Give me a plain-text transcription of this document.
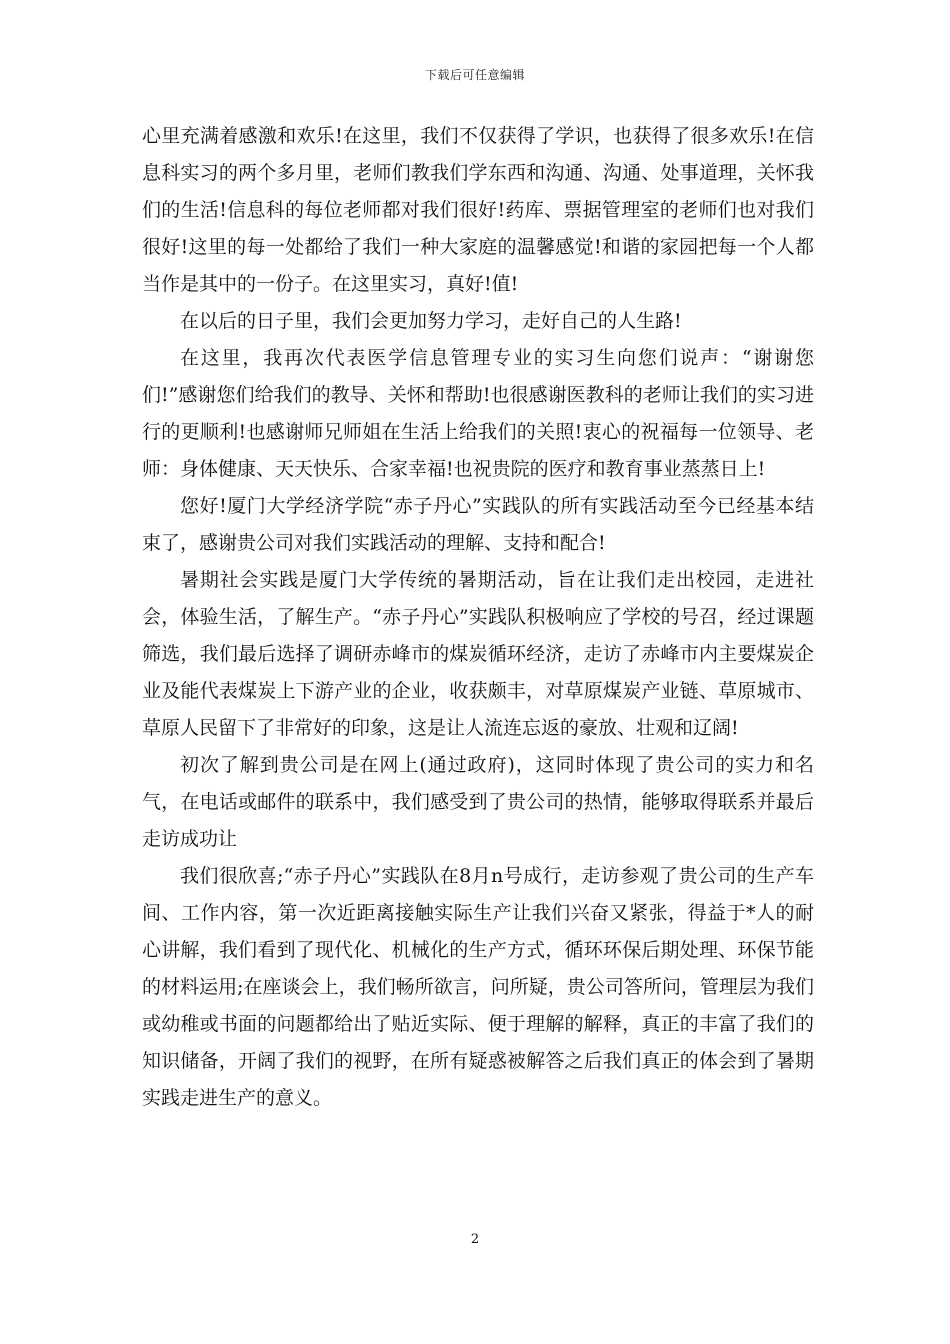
下载后可任意编辑

心里充满着感激和欢乐!在这里，我们不仅获得了学识，也获得了很多欢乐!在信息科实习的两个多月里，老师们教我们学东西和沟通、沟通、处事道理，关怀我们的生活!信息科的每位老师都对我们很好!药库、票据管理室的老师们也对我们很好!这里的每一处都给了我们一种大家庭的温馨感觉!和谐的家园把每一个人都当作是其中的一份子。在这里实习，真好!值!

在以后的日子里，我们会更加努力学习，走好自己的人生路!

在这里，我再次代表医学信息管理专业的实习生向您们说声：“谢谢您们!”感谢您们给我们的教导、关怀和帮助!也很感谢医教科的老师让我们的实习进行的更顺利!也感谢师兄师姐在生活上给我们的关照!衷心的祝福每一位领导、老师：身体健康、天天快乐、合家幸福!也祝贵院的医疗和教育事业蒸蒸日上!

您好!厦门大学经济学院“赤子丹心”实践队的所有实践活动至今已经基本结束了，感谢贵公司对我们实践活动的理解、支持和配合!

暑期社会实践是厦门大学传统的暑期活动，旨在让我们走出校园，走进社会，体验生活，了解生产。“赤子丹心”实践队积极响应了学校的号召，经过课题筛选，我们最后选择了调研赤峰市的煤炭循环经济，走访了赤峰市内主要煤炭企业及能代表煤炭上下游产业的企业，收获颇丰，对草原煤炭产业链、草原城市、草原人民留下了非常好的印象，这是让人流连忘返的豪放、壮观和辽阔!

初次了解到贵公司是在网上(通过政府)，这同时体现了贵公司的实力和名气，在电话或邮件的联系中，我们感受到了贵公司的热情，能够取得联系并最后走访成功让

我们很欣喜;“赤子丹心”实践队在8月n号成行，走访参观了贵公司的生产车间、工作内容，第一次近距离接触实际生产让我们兴奋又紧张，得益于*人的耐心讲解，我们看到了现代化、机械化的生产方式，循环环保后期处理、环保节能的材料运用;在座谈会上，我们畅所欲言，问所疑，贵公司答所问，管理层为我们或幼稚或书面的问题都给出了贴近实际、便于理解的解释，真正的丰富了我们的知识储备，开阔了我们的视野，在所有疑惑被解答之后我们真正的体会到了暑期实践走进生产的意义。

2
